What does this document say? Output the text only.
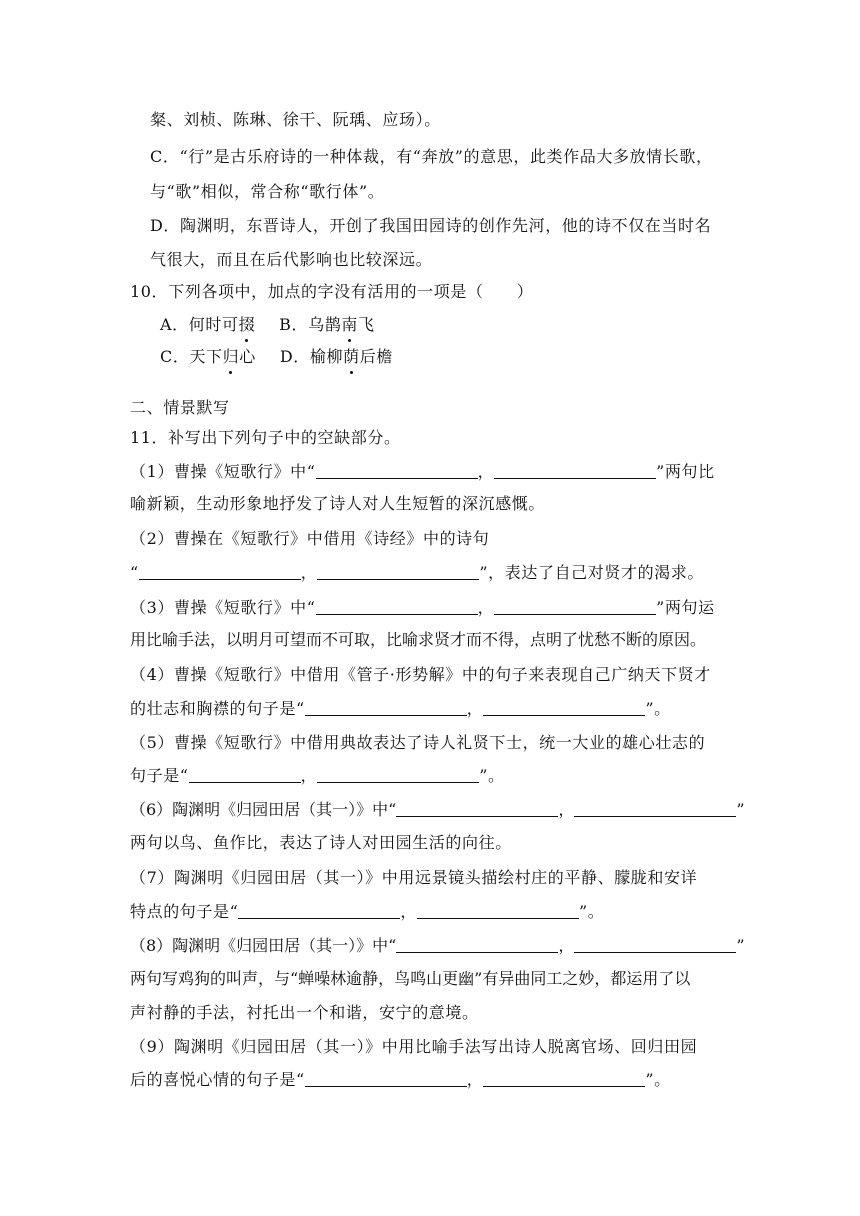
粲、刘桢、陈琳、徐干、阮瑀、应玚）。
C．“行”是古乐府诗的一种体裁，有“奔放”的意思，此类作品大多放情长歌，
与“歌”相似，常合称“歌行体”。
D．陶渊明，东晋诗人，开创了我国田园诗的创作先河，他的诗不仅在当时名
气很大，而且在后代影响也比较深远。
10．下列各项中，加点的字没有活用的一项是（　　）
A．何时可掇 B．乌鹊南飞
C．天下归心 D．榆柳荫后檐
二、情景默写
11．补写出下列句子中的空缺部分。
（1）曹操《短歌行》中“	，	”两句比
喻新颖，生动形象地抒发了诗人对人生短暂的深沉感慨。
（2）曹操在《短歌行》中借用《诗经》中的诗句
“	，	”，表达了自己对贤才的渴求。
（3）曹操《短歌行》中“	，	”两句运
用比喻手法，以明月可望而不可取，比喻求贤才而不得，点明了忧愁不断的原因。
（4）曹操《短歌行》中借用《管子·形势解》中的句子来表现自己广纳天下贤才
的壮志和胸襟的句子是“	，	”。
（5）曹操《短歌行》中借用典故表达了诗人礼贤下士，统一大业的雄心壮志的
句子是“	，	”。
（6）陶渊明《归园田居（其一）》中“	，	”
两句以鸟、鱼作比，表达了诗人对田园生活的向往。
（7）陶渊明《归园田居（其一）》中用远景镜头描绘村庄的平静、朦胧和安详
特点的句子是“	，	”。
（8）陶渊明《归园田居（其一）》中“	，	”
两句写鸡狗的叫声，与“蝉噪林逾静，鸟鸣山更幽”有异曲同工之妙，都运用了以
声衬静的手法，衬托出一个和谐，安宁的意境。
（9）陶渊明《归园田居（其一）》中用比喻手法写出诗人脱离官场、回归田园
后的喜悦心情的句子是“	，	”。
